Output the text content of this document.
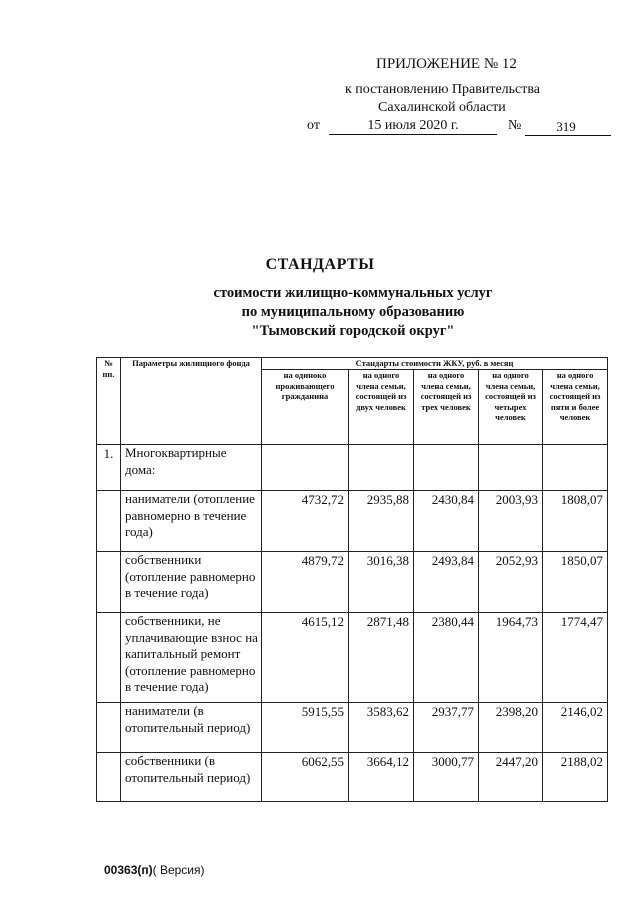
ПРИЛОЖЕНИЕ № 12
к постановлению Правительства
Сахалинской области
от	15 июля 2020 г.	№	319
СТАНДАРТЫ
стоимости жилищно-коммунальных услуг
по муниципальному образованию
"Тымовский городской округ"
№ пп.	Параметры жилищного фонда	Стандарты стоимости ЖКУ, руб. в месяц				
		на одиноко проживающего гражданина	на одного члена семьи, состоящей из двух человек	на одного члена семьи, состоящей из трех человек	на одного члена семьи, состоящей из четырех человек	на одного члена семьи, состоящей из пяти и более человек
1.	Многоквартирные дома:					
	наниматели (отопление равномерно в течение года)	4732,72	2935,88	2430,84	2003,93	1808,07
	собственники (отопление равномерно в течение года)	4879,72	3016,38	2493,84	2052,93	1850,07
	собственники, не уплачивающие взнос на капитальный ремонт (отопление равномерно в течение года)	4615,12	2871,48	2380,44	1964,73	1774,47
	наниматели (в отопительный период)	5915,55	3583,62	2937,77	2398,20	2146,02
	собственники (в отопительный период)	6062,55	3664,12	3000,77	2447,20	2188,02
00363(п)( Версия)
